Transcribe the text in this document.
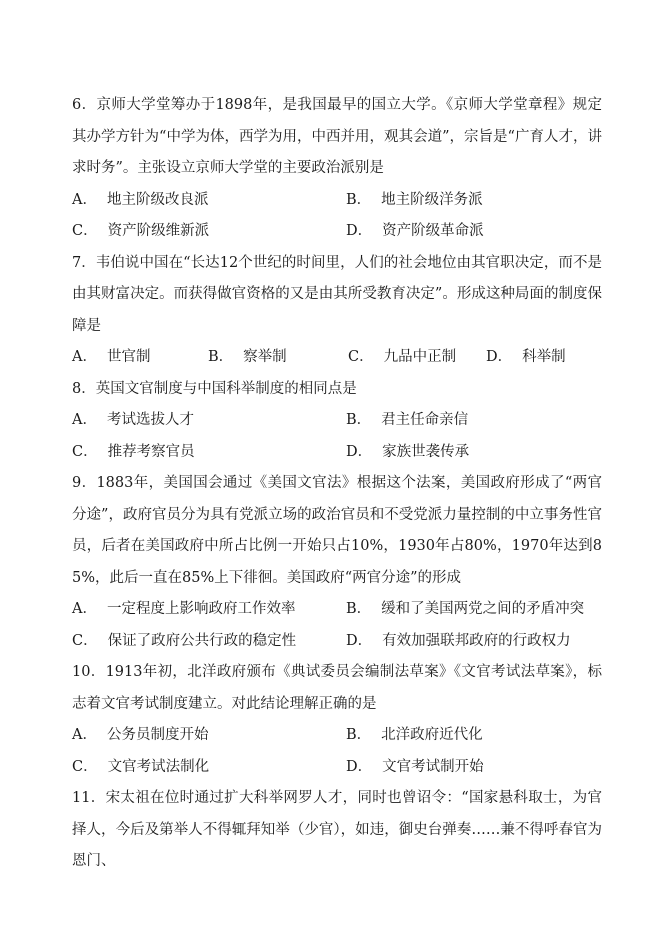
6．京师大学堂筹办于1898年，是我国最早的国立大学。《京师大学堂章程》规定其办学方针为“中学为体，西学为用，中西并用，观其会道”，宗旨是“广育人才，讲求时务”。主张设立京师大学堂的主要政治派别是

A． 地主阶级改良派	B． 地主阶级洋务派
C． 资产阶级维新派	D． 资产阶级革命派

7．韦伯说中国在“长达12个世纪的时间里，人们的社会地位由其官职决定，而不是由其财富决定。而获得做官资格的又是由其所受教育决定”。形成这种局面的制度保障是

A． 世官制	B． 察举制	C． 九品中正制	D． 科举制

8．英国文官制度与中国科举制度的相同点是

A． 考试选拔人才	B． 君主任命亲信
C． 推荐考察官员	D． 家族世袭传承

9．1883年，美国国会通过《美国文官法》根据这个法案，美国政府形成了“两官分途”，政府官员分为具有党派立场的政治官员和不受党派力量控制的中立事务性官员，后者在美国政府中所占比例一开始只占10%，1930年占80%，1970年达到85%，此后一直在85%上下徘徊。美国政府“两官分途”的形成

A． 一定程度上影响政府工作效率	B． 缓和了美国两党之间的矛盾冲突
C． 保证了政府公共行政的稳定性	D． 有效加强联邦政府的行政权力

10．1913年初，北洋政府颁布《典试委员会编制法草案》《文官考试法草案》，标志着文官考试制度建立。对此结论理解正确的是

A． 公务员制度开始	B． 北洋政府近代化
C． 文官考试法制化	D． 文官考试制开始

11．宋太祖在位时通过扩大科举网罗人才，同时也曾诏令：“国家悬科取士，为官择人，今后及第举人不得辄拜知举（少官），如违，御史台弹奏……兼不得呼春官为恩门、
